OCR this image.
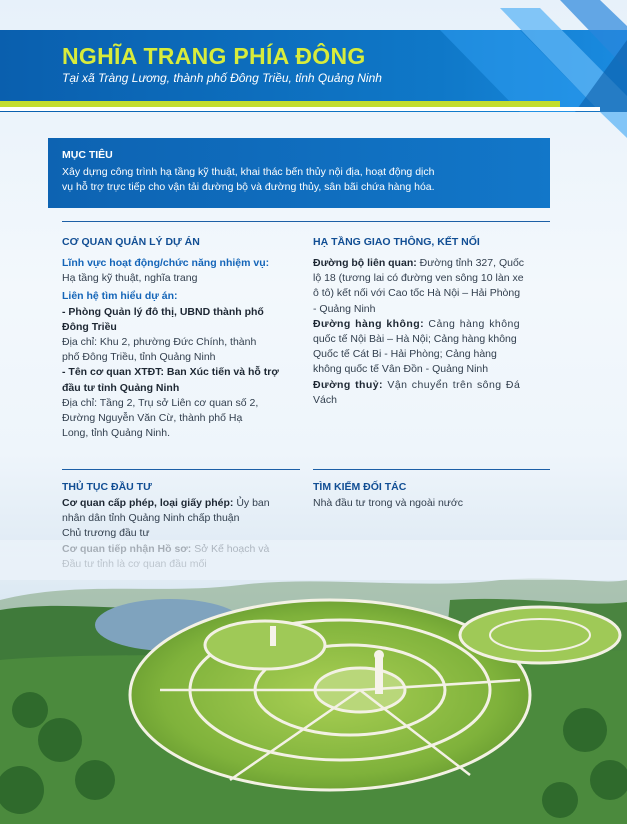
NGHĨA TRANG PHÍA ĐÔNG

Tại xã Tràng Lương, thành phố Đông Triều, tỉnh Quảng Ninh

MỤC TIÊU
Xây dựng công trình hạ tầng kỹ thuật, khai thác bến thủy nội địa, hoạt động dịch
vụ hỗ trợ trực tiếp cho vận tải đường bộ và đường thủy, sân bãi chứa hàng hóa.
CƠ QUAN QUẢN LÝ DỰ ÁN

Lĩnh vực hoạt động/chức năng nhiệm vụ:

Hạ tầng kỹ thuật, nghĩa trang

Liên hệ tìm hiểu dự án:

- Phòng Quản lý đô thị, UBND thành phố

Đông Triều

Địa chỉ: Khu 2, phường Đức Chính, thành

phố Đông Triều, tỉnh Quảng Ninh

- Tên cơ quan XTĐT: Ban Xúc tiến và hỗ trợ

đầu tư tỉnh Quảng Ninh

Địa chỉ: Tầng 2, Trụ sở Liên cơ quan số 2,

Đường Nguyễn Văn Cừ, thành phố Hạ

Long, tỉnh Quảng Ninh.

HẠ TẦNG GIAO THÔNG, KẾT NỐI

Đường bộ liên quan: Đường tỉnh 327, Quốc

lộ 18 (tương lai có đường ven sông 10 làn xe

ô tô) kết nối với Cao tốc Hà Nội – Hải Phòng

- Quảng Ninh

Đường hàng không: Cảng hàng không

quốc tế Nội Bài – Hà Nội; Cảng hàng không

Quốc tế Cát Bi - Hải Phòng; Cảng hàng

không quốc tế Vân Đồn - Quảng Ninh

Đường thuỷ: Vận chuyển trên sông Đá

Vách

THỦ TỤC ĐẦU TƯ

Cơ quan cấp phép, loại giấy phép: Ủy ban

nhân dân tỉnh Quảng Ninh chấp thuận

Chủ trương đầu tư

TÌM KIẾM ĐỐI TÁC
Nhà đầu tư trong và ngoài nước
